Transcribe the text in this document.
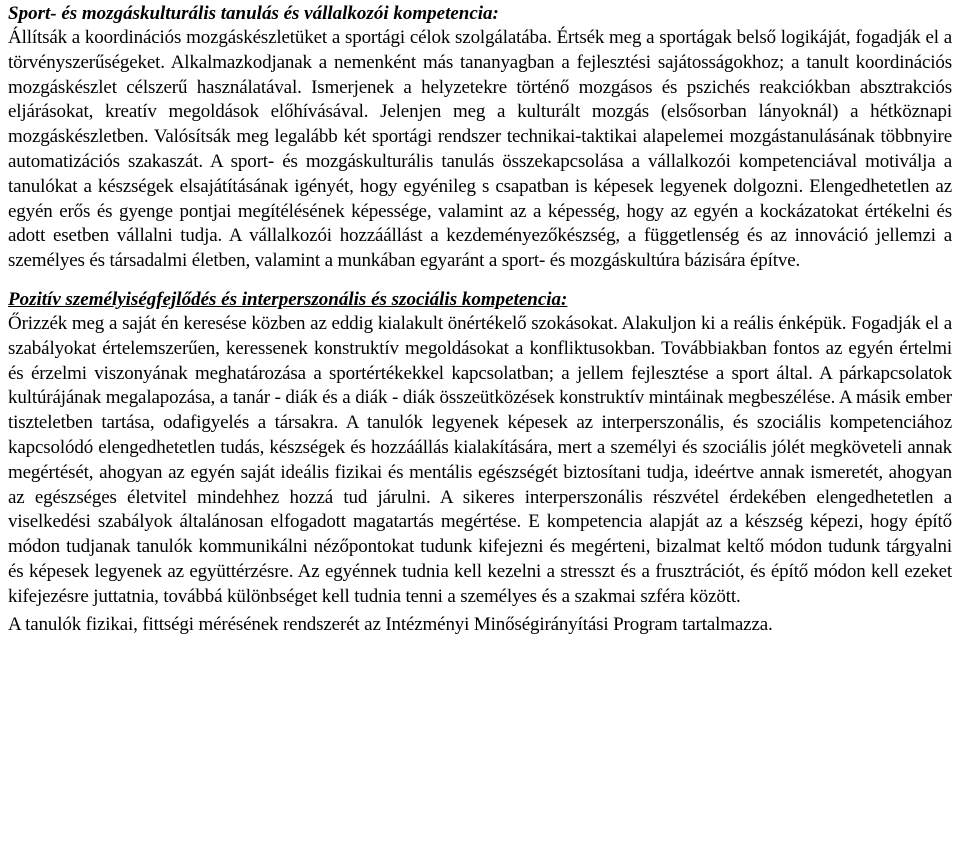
Sport- és mozgáskulturális tanulás és vállalkozói kompetencia:

Állítsák a koordinációs mozgáskészletüket a sportági célok szolgálatába. Értsék meg a sportágak belső logikáját, fogadják el a törvényszerűségeket. Alkalmazkodjanak a nemenként más tananyagban a fejlesztési sajátosságokhoz; a tanult koordinációs mozgáskészlet célszerű használatával. Ismerjenek a helyzetekre történő mozgásos és pszichés reakciókban absztrakciós eljárásokat, kreatív megoldások előhívásával. Jelenjen meg a kulturált mozgás (elsősorban lányoknál) a hétköznapi mozgáskészletben. Valósítsák meg legalább két sportági rendszer technikai-taktikai alapelemei mozgástanulásának többnyire automatizációs szakaszát. A sport- és mozgáskulturális tanulás összekapcsolása a vállalkozói kompetenciával motiválja a tanulókat a készségek elsajátításának igényét, hogy egyénileg s csapatban is képesek legyenek dolgozni. Elengedhetetlen az egyén erős és gyenge pontjai megítélésének képessége, valamint az a képesség, hogy az egyén a kockázatokat értékelni és adott esetben vállalni tudja. A vállalkozói hozzáállást a kezdeményezőkészség, a függetlenség és az innováció jellemzi a személyes és társadalmi életben, valamint a munkában egyaránt a sport- és mozgáskultúra bázisára építve.

Pozitív személyiségfejlődés és interperszonális és szociális kompetencia:

Őrizzék meg a saját én keresése közben az eddig kialakult önértékelő szokásokat. Alakuljon ki a reális énképük. Fogadják el a szabályokat értelemszerűen, keressenek konstruktív megoldásokat a konfliktusokban. Továbbiakban fontos az egyén értelmi és érzelmi viszonyának meghatározása a sportértékekkel kapcsolatban; a jellem fejlesztése a sport által. A párkapcsolatok kultúrájának megalapozása, a tanár - diák és a diák - diák összeütközések konstruktív mintáinak megbeszélése. A másik ember tiszteletben tartása, odafigyelés a társakra. A tanulók legyenek képesek az interperszonális, és szociális kompetenciához kapcsolódó elengedhetetlen tudás, készségek és hozzáállás kialakítására, mert a személyi és szociális jólét megköveteli annak megértését, ahogyan az egyén saját ideális fizikai és mentális egészségét biztosítani tudja, ideértve annak ismeretét, ahogyan az egészséges életvitel mindehhez hozzá tud járulni. A sikeres interperszonális részvétel érdekében elengedhetetlen a viselkedési szabályok általánosan elfogadott magatartás megértése. E kompetencia alapját az a készség képezi, hogy építő módon tudjanak tanulók kommunikálni nézőpontokat tudunk kifejezni és megérteni, bizalmat keltő módon tudunk tárgyalni és képesek legyenek az együttérzésre. Az egyénnek tudnia kell kezelni a stresszt és a frusztrációt, és építő módon kell ezeket kifejezésre juttatnia, továbbá különbséget kell tudnia tenni a személyes és a szakmai szféra között.

A tanulók fizikai, fittségi mérésének rendszerét az Intézményi Minőségirányítási Program tartalmazza.
